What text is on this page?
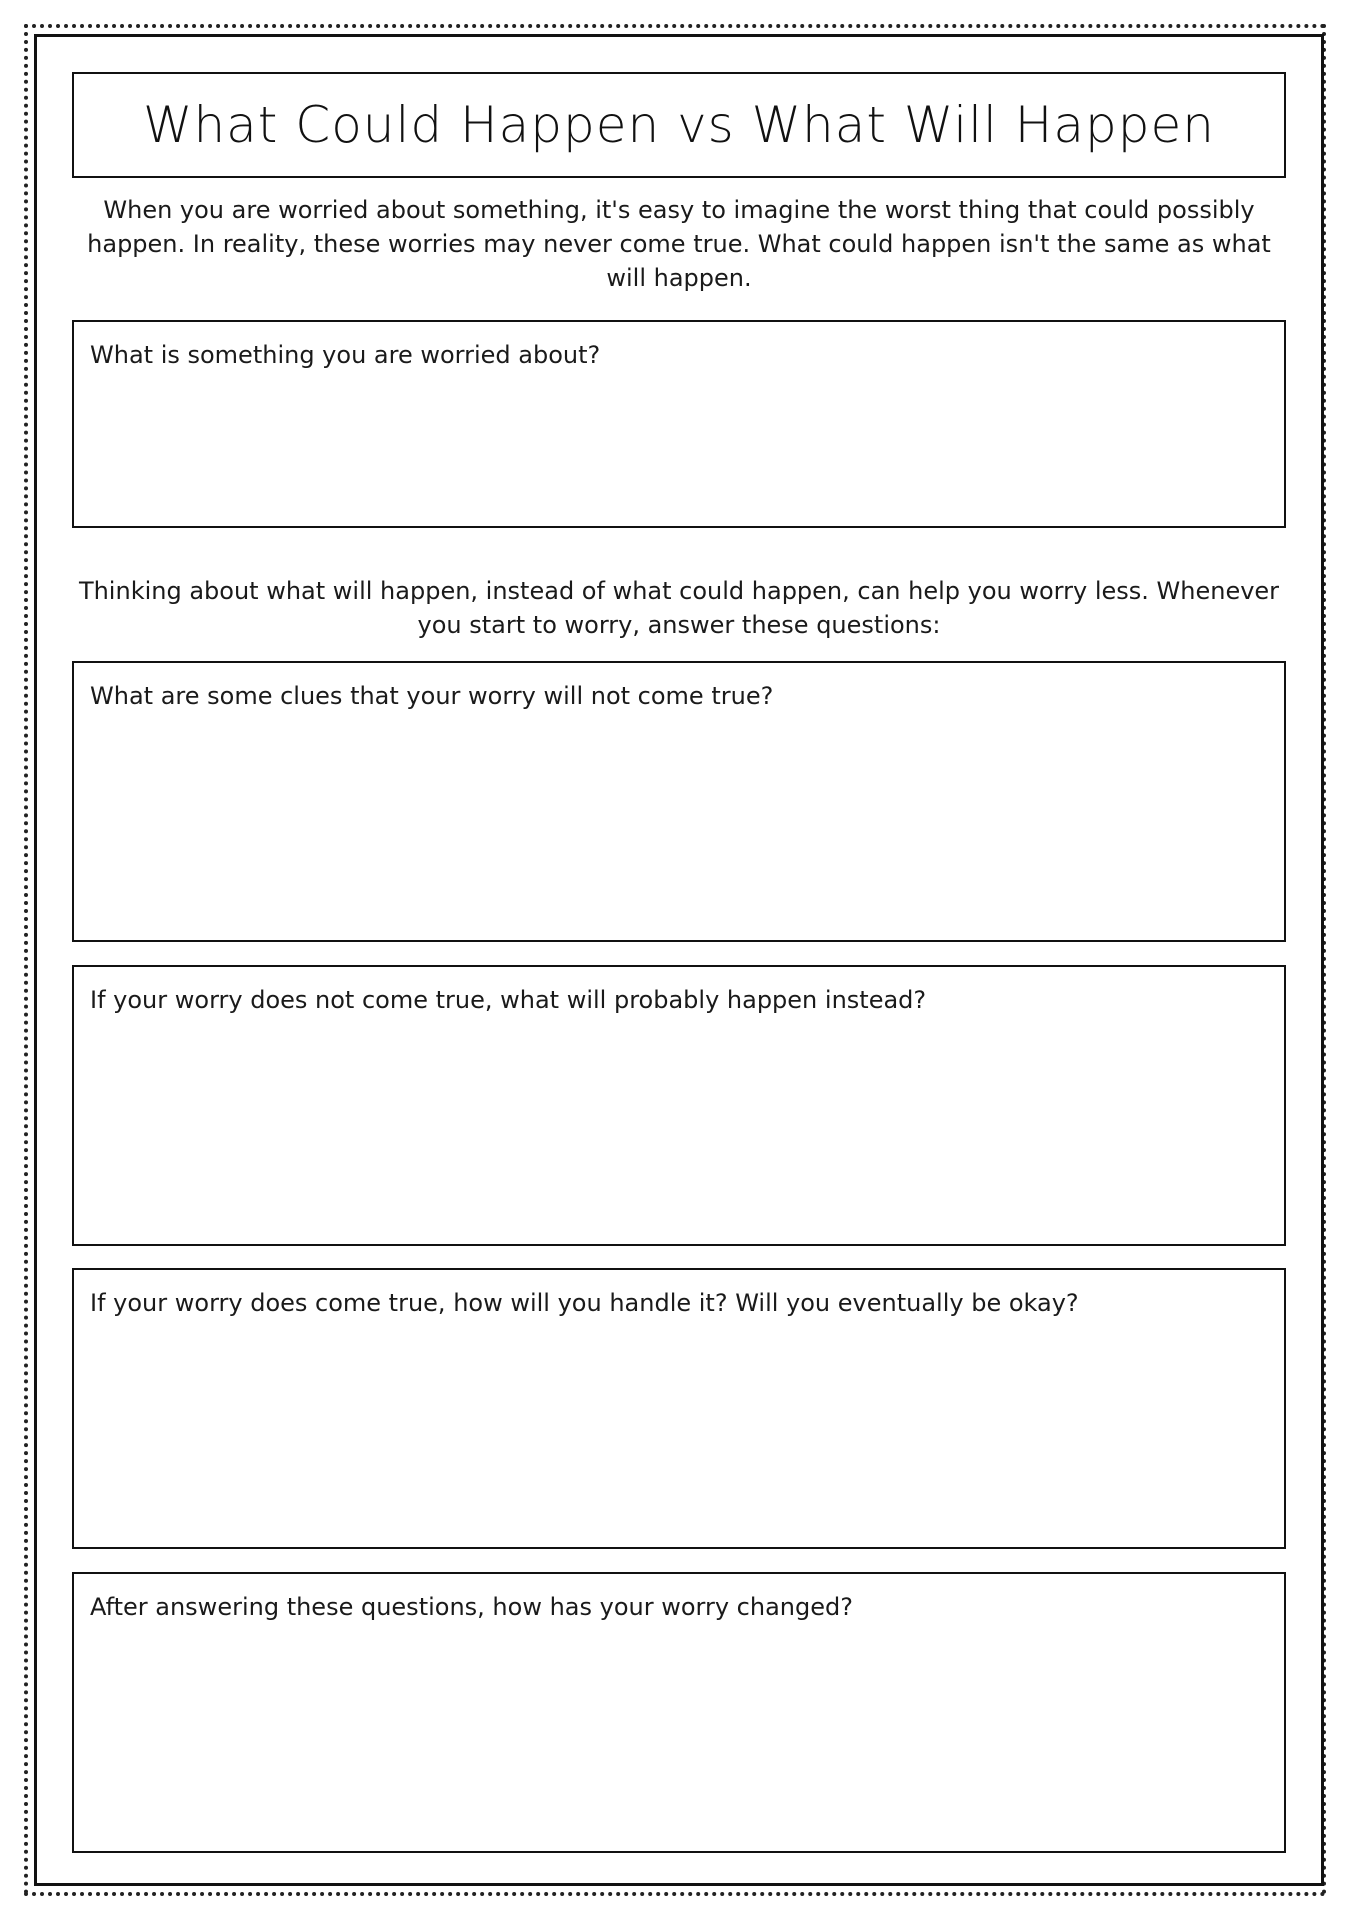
What Could Happen vs What Will Happen
When you are worried about something, it's easy to imagine the worst thing that could possibly happen. In reality, these worries may never come true. What could happen isn't the same as what will happen.
What is something you are worried about?
Thinking about what will happen, instead of what could happen, can help you worry less. Whenever you start to worry, answer these questions:
What are some clues that your worry will not come true?
If your worry does not come true, what will probably happen instead?
If your worry does come true, how will you handle it? Will you eventually be okay?
After answering these questions, how has your worry changed?
